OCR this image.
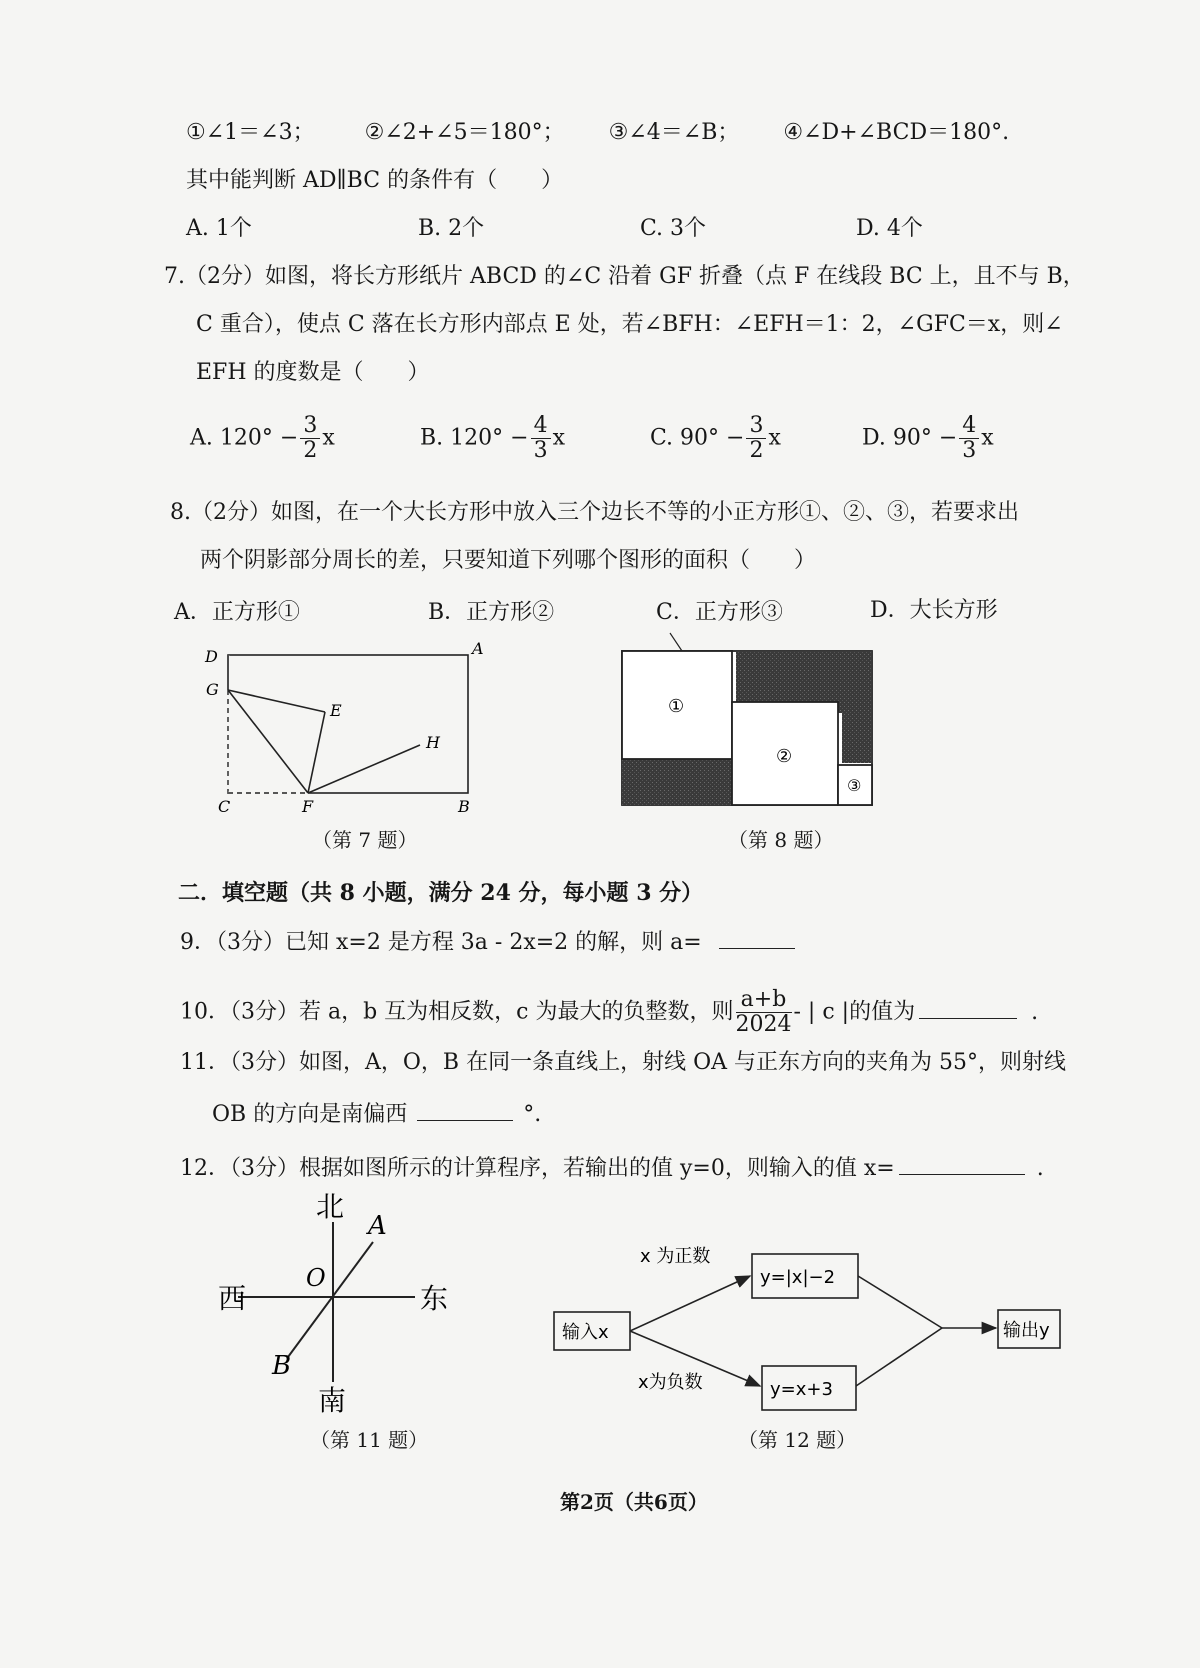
①∠1＝∠3； ②∠2+∠5＝180°； ③∠4＝∠B； ④∠D+∠BCD＝180°.
其中能判断 AD∥BC 的条件有（　　）
A. 1个	B. 2个	C. 3个	D. 4个
7.（2分）如图，将长方形纸片 ABCD 的∠C 沿着 GF 折叠（点 F 在线段 BC 上，且不与 B，
C 重合），使点 C 落在长方形内部点 E 处，若∠BFH：∠EFH＝1：2，∠GFC＝x，则∠
EFH 的度数是（　　）
A. $120^\circ - \frac{3}{2}$ x	B. $120^\circ - \frac{4}{3}$ x	C. $90^\circ - \frac{3}{2}$ x	D. $90^\circ - \frac{4}{3}$ x
8.（2分）如图，在一个大长方形中放入三个边长不等的小正方形①、②、③，若要求出
两个阴影部分周长的差，只要知道下列哪个图形的面积（　　）
A．正方形①	B．正方形②	C．正方形③	D．大长方形
D	A
G
E
H
C	F	B
（第 7 题）
①
②
③
（第 8 题）
二．填空题（共 8 小题，满分 24 分，每小题 3 分）
9．（3分）已知 x=2 是方程 3a - 2x=2 的解，则 a=
10．（3分）若 a，b 互为相反数，c 为最大的负整数，则 $\frac{a+b}{2024}$ - | c |的值为	.
11．（3分）如图，A，O，B 在同一条直线上，射线 OA 与正东方向的夹角为 55°，则射线
OB 的方向是南偏西	°.
12．（3分）根据如图所示的计算程序，若输出的值 y=0，则输入的值 x=	.
北
南
东
西
A
B
O
（第 11 题）
输入x
x 为正数
x为负数
y=|x|−2
y=x+3
输出y
（第 12 题）
第2页（共6页）
